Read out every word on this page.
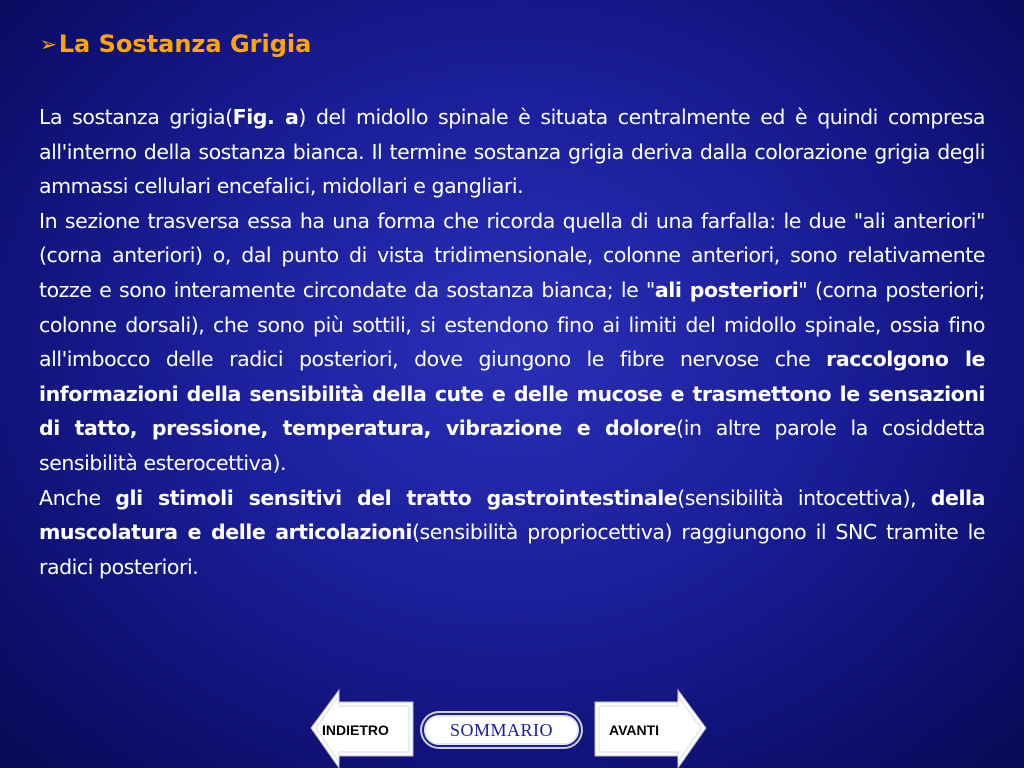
➢ La Sostanza Grigia

La sostanza grigia(Fig. a) del midollo spinale è situata centralmente ed è quindi compresa all'interno della sostanza bianca. Il termine sostanza grigia deriva dalla colorazione grigia degli ammassi cellulari encefalici, midollari e gangliari.

In sezione trasversa essa ha una forma che ricorda quella di una farfalla: le due "ali anteriori"(corna anteriori) o, dal punto di vista tridimensionale, colonne anteriori, sono relativamente tozze e sono interamente circondate da sostanza bianca; le "ali posteriori" (corna posteriori; colonne dorsali), che sono più sottili, si estendono fino ai limiti del midollo spinale, ossia fino all'imbocco delle radici posteriori, dove giungono le fibre nervose che raccolgono le informazioni della sensibilità della cute e delle mucose e trasmettono le sensazioni di tatto, pressione, temperatura, vibrazione e dolore(in altre parole la cosiddetta sensibilità esterocettiva).

Anche gli stimoli sensitivi del tratto gastrointestinale(sensibilità intocettiva), della muscolatura e delle articolazioni(sensibilità propriocettiva) raggiungono il SNC tramite le radici posteriori.

INDIETRO	SOMMARIO	AVANTI
